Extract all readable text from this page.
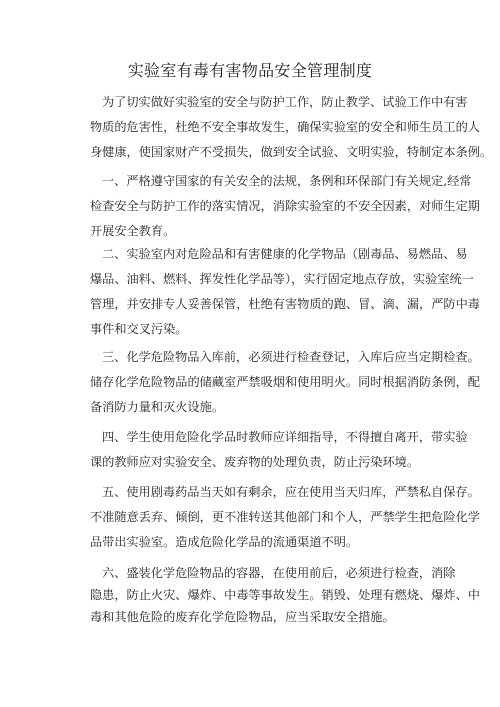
实验室有毒有害物品安全管理制度
为了切实做好实验室的安全与防护工作，防止教学、试验工作中有害
物质的危害性，杜绝不安全事故发生，确保实验室的安全和师生员工的人
身健康，使国家财产不受损失，做到安全试验、文明实验，特制定本条例。
一、严格遵守国家的有关安全的法规，条例和环保部门有关规定,经常
检查安全与防护工作的落实情况，消除实验室的不安全因素，对师生定期
开展安全教育。
二、实验室内对危险品和有害健康的化学物品（剧毒品、易燃品、易
爆品、油料、燃料、挥发性化学品等），实行固定地点存放，实验室统一
管理，并安排专人妥善保管，杜绝有害物质的跑、冒、滴、漏，严防中毒
事件和交叉污染。
三、化学危险物品入库前，必须进行检查登记，入库后应当定期检查。
储存化学危险物品的储藏室严禁吸烟和使用明火。同时根据消防条例，配
备消防力量和灭火设施。
四、学生使用危险化学品时教师应详细指导，不得擅自离开，带实验
课的教师应对实验安全、废弃物的处理负责，防止污染环境。
五、使用剧毒药品当天如有剩余，应在使用当天归库，严禁私自保存。
不准随意丢弃、倾倒，更不准转送其他部门和个人，严禁学生把危险化学
品带出实验室。造成危险化学品的流通渠道不明。
六、盛装化学危险物品的容器，在使用前后，必须进行检查，消除
隐患，防止火灾、爆炸、中毒等事故发生。销毁、处理有燃烧、爆炸、中
毒和其他危险的废弃化学危险物品，应当采取安全措施。
